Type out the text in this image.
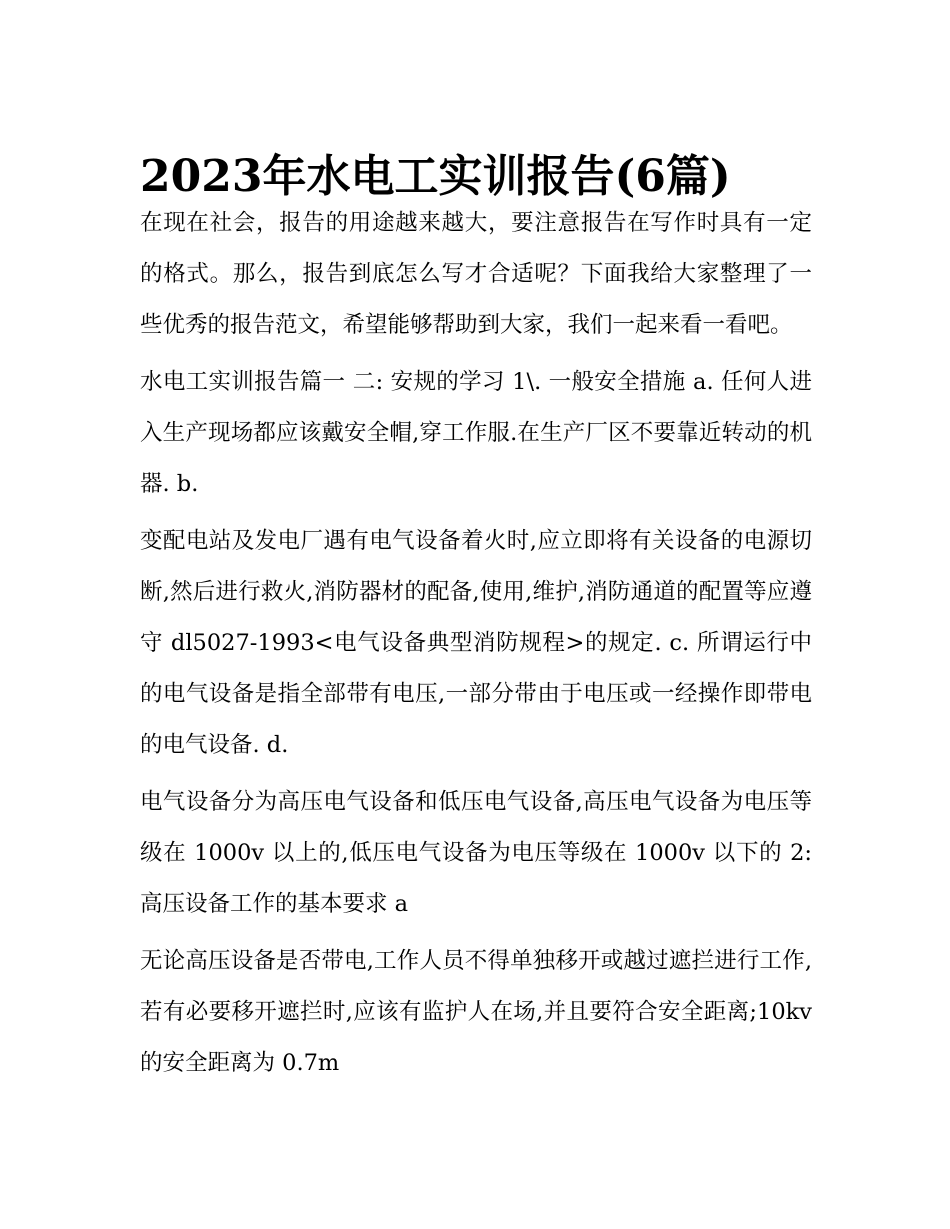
2023年水电工实训报告(6篇)

在现在社会，报告的用途越来越大，要注意报告在写作时具有一定的格式。那么，报告到底怎么写才合适呢？下面我给大家整理了一些优秀的报告范文，希望能够帮助到大家，我们一起来看一看吧。

水电工实训报告篇一 二: 安规的学习 1\. 一般安全措施 a. 任何人进入生产现场都应该戴安全帽,穿工作服.在生产厂区不要靠近转动的机器. b.

变配电站及发电厂遇有电气设备着火时,应立即将有关设备的电源切断,然后进行救火,消防器材的配备,使用,维护,消防通道的配置等应遵守 dl5027-1993<电气设备典型消防规程>的规定. c. 所谓运行中的电气设备是指全部带有电压,一部分带由于电压或一经操作即带电的电气设备. d.

电气设备分为高压电气设备和低压电气设备,高压电气设备为电压等级在 1000v 以上的,低压电气设备为电压等级在 1000v 以下的 2: 高压设备工作的基本要求 a

无论高压设备是否带电,工作人员不得单独移开或越过遮拦进行工作,若有必要移开遮拦时,应该有监护人在场,并且要符合安全距离;10kv 的安全距离为 0.7m
